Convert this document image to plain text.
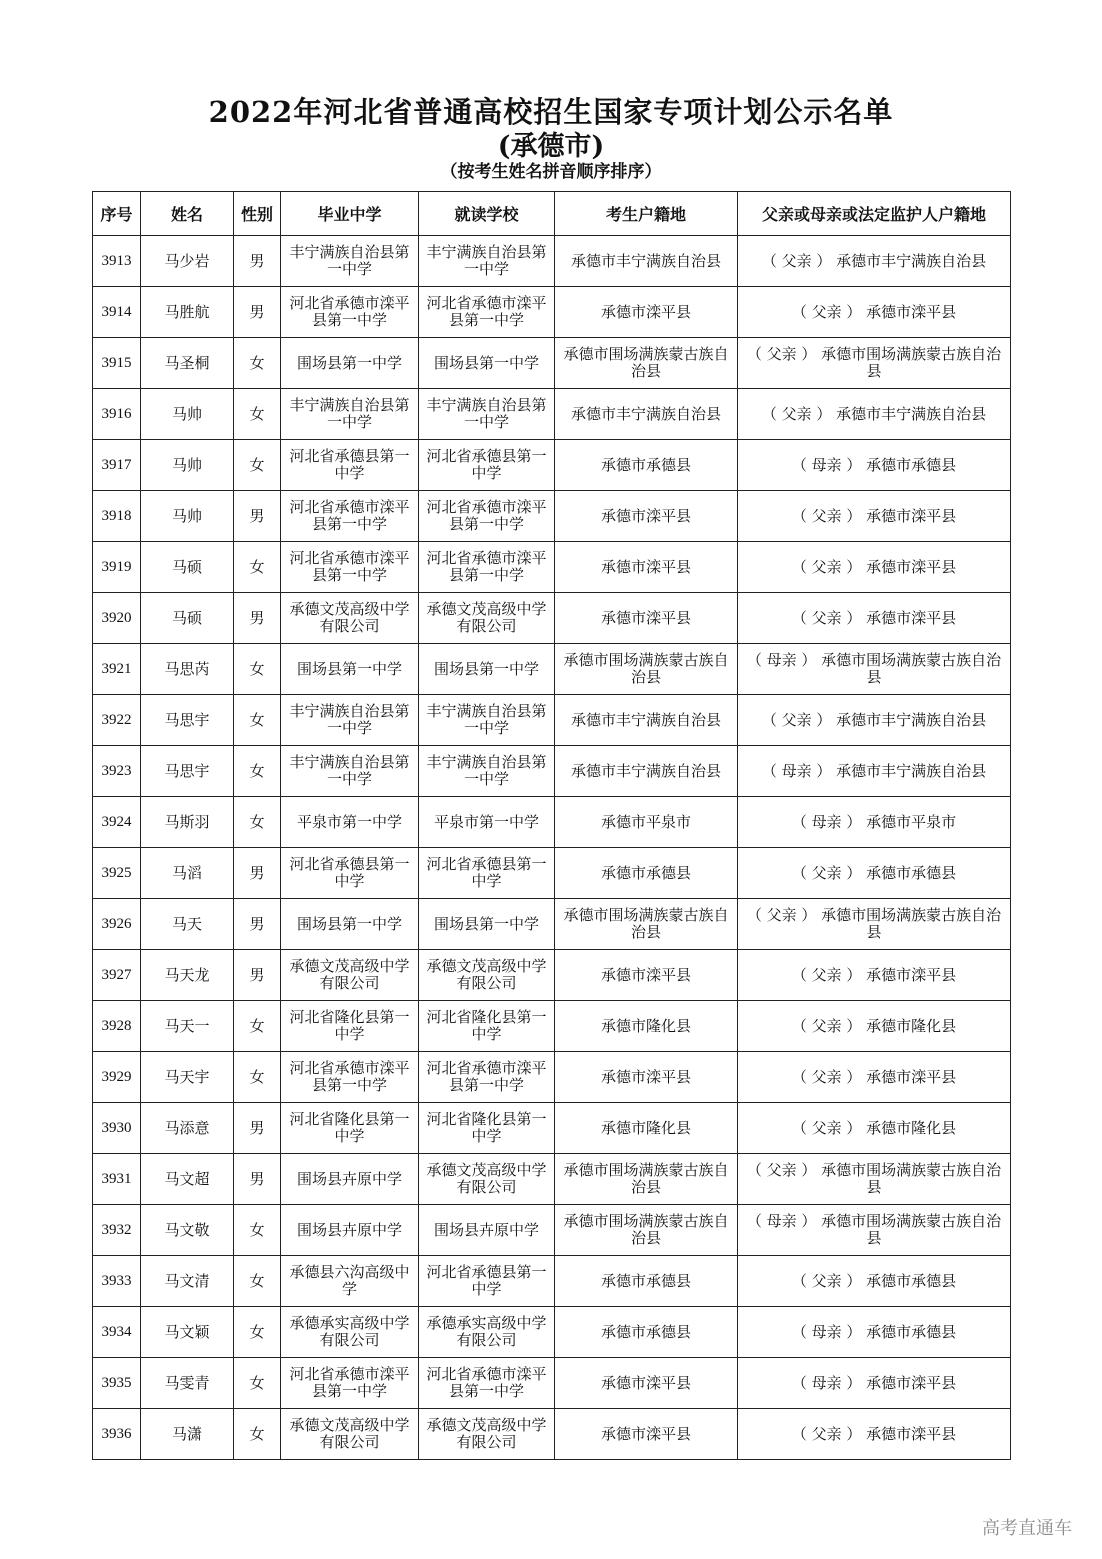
2022年河北省普通高校招生国家专项计划公示名单
(承德市)
（按考生姓名拼音顺序排序）
序号	姓名	性别	毕业中学	就读学校	考生户籍地	父亲或母亲或法定监护人户籍地
3913	马少岩	男	丰宁满族自治县第一中学	丰宁满族自治县第一中学	承德市丰宁满族自治县	（ 父亲 ） 承德市丰宁满族自治县
3914	马胜航	男	河北省承德市滦平县第一中学	河北省承德市滦平县第一中学	承德市滦平县	（ 父亲 ） 承德市滦平县
3915	马圣桐	女	围场县第一中学	围场县第一中学	承德市围场满族蒙古族自治县	（ 父亲 ） 承德市围场满族蒙古族自治县
3916	马帅	女	丰宁满族自治县第一中学	丰宁满族自治县第一中学	承德市丰宁满族自治县	（ 父亲 ） 承德市丰宁满族自治县
3917	马帅	女	河北省承德县第一中学	河北省承德县第一中学	承德市承德县	（ 母亲 ） 承德市承德县
3918	马帅	男	河北省承德市滦平县第一中学	河北省承德市滦平县第一中学	承德市滦平县	（ 父亲 ） 承德市滦平县
3919	马硕	女	河北省承德市滦平县第一中学	河北省承德市滦平县第一中学	承德市滦平县	（ 父亲 ） 承德市滦平县
3920	马硕	男	承德文茂高级中学有限公司	承德文茂高级中学有限公司	承德市滦平县	（ 父亲 ） 承德市滦平县
3921	马思芮	女	围场县第一中学	围场县第一中学	承德市围场满族蒙古族自治县	（ 母亲 ） 承德市围场满族蒙古族自治县
3922	马思宇	女	丰宁满族自治县第一中学	丰宁满族自治县第一中学	承德市丰宁满族自治县	（ 父亲 ） 承德市丰宁满族自治县
3923	马思宇	女	丰宁满族自治县第一中学	丰宁满族自治县第一中学	承德市丰宁满族自治县	（ 母亲 ） 承德市丰宁满族自治县
3924	马斯羽	女	平泉市第一中学	平泉市第一中学	承德市平泉市	（ 母亲 ） 承德市平泉市
3925	马滔	男	河北省承德县第一中学	河北省承德县第一中学	承德市承德县	（ 父亲 ） 承德市承德县
3926	马天	男	围场县第一中学	围场县第一中学	承德市围场满族蒙古族自治县	（ 父亲 ） 承德市围场满族蒙古族自治县
3927	马天龙	男	承德文茂高级中学有限公司	承德文茂高级中学有限公司	承德市滦平县	（ 父亲 ） 承德市滦平县
3928	马天一	女	河北省隆化县第一中学	河北省隆化县第一中学	承德市隆化县	（ 父亲 ） 承德市隆化县
3929	马天宇	女	河北省承德市滦平县第一中学	河北省承德市滦平县第一中学	承德市滦平县	（ 父亲 ） 承德市滦平县
3930	马添意	男	河北省隆化县第一中学	河北省隆化县第一中学	承德市隆化县	（ 父亲 ） 承德市隆化县
3931	马文超	男	围场县卉原中学	承德文茂高级中学有限公司	承德市围场满族蒙古族自治县	（ 父亲 ） 承德市围场满族蒙古族自治县
3932	马文敬	女	围场县卉原中学	围场县卉原中学	承德市围场满族蒙古族自治县	（ 母亲 ） 承德市围场满族蒙古族自治县
3933	马文清	女	承德县六沟高级中学	河北省承德县第一中学	承德市承德县	（ 父亲 ） 承德市承德县
3934	马文颖	女	承德承实高级中学有限公司	承德承实高级中学有限公司	承德市承德县	（ 母亲 ） 承德市承德县
3935	马雯青	女	河北省承德市滦平县第一中学	河北省承德市滦平县第一中学	承德市滦平县	（ 母亲 ） 承德市滦平县
3936	马潇	女	承德文茂高级中学有限公司	承德文茂高级中学有限公司	承德市滦平县	（ 父亲 ） 承德市滦平县
高考直通车
